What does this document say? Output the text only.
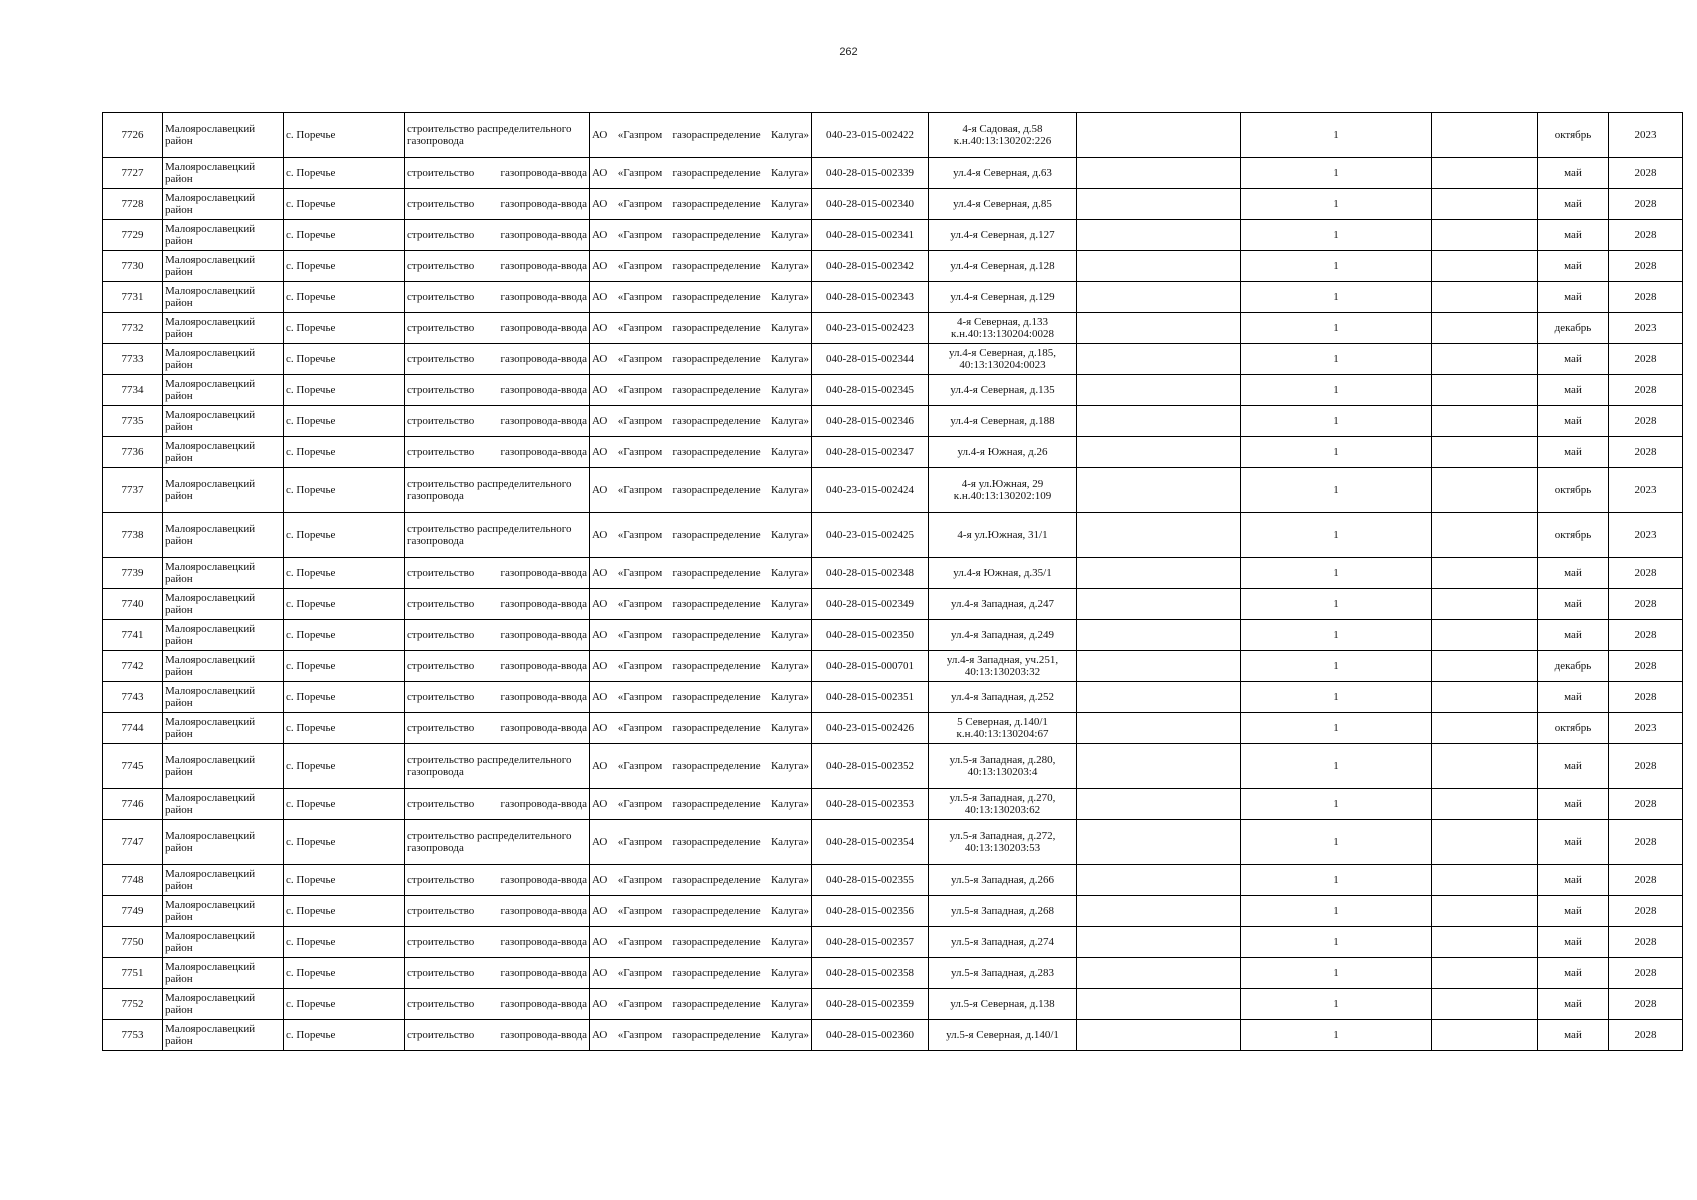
262
7726	Малоярославецкий район	с. Поречье	строительство распределительного газопровода	АО «Газпром газораспределение Калуга»	040-23-015-002422	4-я Садовая, д.58 к.н.40:13:130202:226		1		октябрь	2023
7727	Малоярославецкий район	с. Поречье	строительство газопровода-ввода	АО «Газпром газораспределение Калуга»	040-28-015-002339	ул.4-я Северная, д.63		1		май	2028
7728	Малоярославецкий район	с. Поречье	строительство газопровода-ввода	АО «Газпром газораспределение Калуга»	040-28-015-002340	ул.4-я Северная, д.85		1		май	2028
7729	Малоярославецкий район	с. Поречье	строительство газопровода-ввода	АО «Газпром газораспределение Калуга»	040-28-015-002341	ул.4-я Северная, д.127		1		май	2028
7730	Малоярославецкий район	с. Поречье	строительство газопровода-ввода	АО «Газпром газораспределение Калуга»	040-28-015-002342	ул.4-я Северная, д.128		1		май	2028
7731	Малоярославецкий район	с. Поречье	строительство газопровода-ввода	АО «Газпром газораспределение Калуга»	040-28-015-002343	ул.4-я Северная, д.129		1		май	2028
7732	Малоярославецкий район	с. Поречье	строительство газопровода-ввода	АО «Газпром газораспределение Калуга»	040-23-015-002423	4-я Северная, д.133 к.н.40:13:130204:0028		1		декабрь	2023
7733	Малоярославецкий район	с. Поречье	строительство газопровода-ввода	АО «Газпром газораспределение Калуга»	040-28-015-002344	ул.4-я Северная, д.185, 40:13:130204:0023		1		май	2028
7734	Малоярославецкий район	с. Поречье	строительство газопровода-ввода	АО «Газпром газораспределение Калуга»	040-28-015-002345	ул.4-я Северная, д.135		1		май	2028
7735	Малоярославецкий район	с. Поречье	строительство газопровода-ввода	АО «Газпром газораспределение Калуга»	040-28-015-002346	ул.4-я Северная, д.188		1		май	2028
7736	Малоярославецкий район	с. Поречье	строительство газопровода-ввода	АО «Газпром газораспределение Калуга»	040-28-015-002347	ул.4-я Южная, д.26		1		май	2028
7737	Малоярославецкий район	с. Поречье	строительство распределительного газопровода	АО «Газпром газораспределение Калуга»	040-23-015-002424	4-я ул.Южная, 29 к.н.40:13:130202:109		1		октябрь	2023
7738	Малоярославецкий район	с. Поречье	строительство распределительного газопровода	АО «Газпром газораспределение Калуга»	040-23-015-002425	4-я ул.Южная, 31/1		1		октябрь	2023
7739	Малоярославецкий район	с. Поречье	строительство газопровода-ввода	АО «Газпром газораспределение Калуга»	040-28-015-002348	ул.4-я Южная, д.35/1		1		май	2028
7740	Малоярославецкий район	с. Поречье	строительство газопровода-ввода	АО «Газпром газораспределение Калуга»	040-28-015-002349	ул.4-я Западная, д.247		1		май	2028
7741	Малоярославецкий район	с. Поречье	строительство газопровода-ввода	АО «Газпром газораспределение Калуга»	040-28-015-002350	ул.4-я Западная, д.249		1		май	2028
7742	Малоярославецкий район	с. Поречье	строительство газопровода-ввода	АО «Газпром газораспределение Калуга»	040-28-015-000701	ул.4-я Западная, уч.251, 40:13:130203:32		1		декабрь	2028
7743	Малоярославецкий район	с. Поречье	строительство газопровода-ввода	АО «Газпром газораспределение Калуга»	040-28-015-002351	ул.4-я Западная, д.252		1		май	2028
7744	Малоярославецкий район	с. Поречье	строительство газопровода-ввода	АО «Газпром газораспределение Калуга»	040-23-015-002426	5 Северная, д.140/1 к.н.40:13:130204:67		1		октябрь	2023
7745	Малоярославецкий район	с. Поречье	строительство распределительного газопровода	АО «Газпром газораспределение Калуга»	040-28-015-002352	ул.5-я Западная, д.280, 40:13:130203:4		1		май	2028
7746	Малоярославецкий район	с. Поречье	строительство газопровода-ввода	АО «Газпром газораспределение Калуга»	040-28-015-002353	ул.5-я Западная, д.270, 40:13:130203:62		1		май	2028
7747	Малоярославецкий район	с. Поречье	строительство распределительного газопровода	АО «Газпром газораспределение Калуга»	040-28-015-002354	ул.5-я Западная, д.272, 40:13:130203:53		1		май	2028
7748	Малоярославецкий район	с. Поречье	строительство газопровода-ввода	АО «Газпром газораспределение Калуга»	040-28-015-002355	ул.5-я Западная, д.266		1		май	2028
7749	Малоярославецкий район	с. Поречье	строительство газопровода-ввода	АО «Газпром газораспределение Калуга»	040-28-015-002356	ул.5-я Западная, д.268		1		май	2028
7750	Малоярославецкий район	с. Поречье	строительство газопровода-ввода	АО «Газпром газораспределение Калуга»	040-28-015-002357	ул.5-я Западная, д.274		1		май	2028
7751	Малоярославецкий район	с. Поречье	строительство газопровода-ввода	АО «Газпром газораспределение Калуга»	040-28-015-002358	ул.5-я Западная, д.283		1		май	2028
7752	Малоярославецкий район	с. Поречье	строительство газопровода-ввода	АО «Газпром газораспределение Калуга»	040-28-015-002359	ул.5-я Северная, д.138		1		май	2028
7753	Малоярославецкий район	с. Поречье	строительство газопровода-ввода	АО «Газпром газораспределение Калуга»	040-28-015-002360	ул.5-я Северная, д.140/1		1		май	2028
